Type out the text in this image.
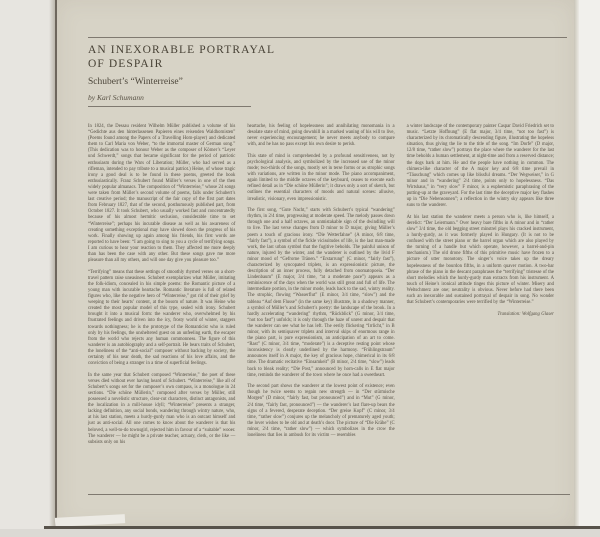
AN INEXORABLE PORTRAYAL
OF DESPAIR

Schubert’s “Winterreise”

by Karl Schumann

In 1824, the Dessau resident Wilhelm Müller published a volume of his “Gedichte aus den hinterlassenen Papieren eines reisenden Waldhornisten” (Poems found among the Papers of a Travelling Horn-player) and dedicated them to Carl Maria von Weber, “to the immortal master of German song.” (This dedication was to honour Weber as the composer of Körner’s “Leyer und Schwerdt,” songs that became significant for the period of patriotic enthusiasm during the Wars of Liberation; Müller, who had served as a rifleman, intended to pay tribute to a musical patriot.) Heine, of whose tragic irony a good deal is to be found in these poems, greeted the book enthusiastically. Franz Schubert found Müller’s verses in one of the then widely popular almanacs. The composition of “Winterreise,” whose 24 songs were taken from Müller’s second volume of poems, falls under Schubert’s last creative period; the manuscript of the fair copy of the first part dates from February 1827, that of the second, posthumously published part, from October 1827. It took Schubert, who usually worked fast and concentratedly because of his almost hermitic seclusion, considerable time to set “Winterreise”; perhaps his incurable disease as well as his awareness of creating something exceptional may have slowed down the progress of his work. Finally showing up again among his friends, his first words are reported to have been: “I am going to sing to you a cycle of terrifying songs. I am curious to hear your reaction to them. They affected me more deeply than has been the case with any other. But these songs gave me more pleasure than all my others, and will one day give you pleasure too.”

“Terrifying” means that these settings of smoothly rhymed verses on a short-travel pattern raise uneasiness. Schubert exemplarizes what Müller, imitating the folk-idiom, concealed in his simple poems: the Romantic picture of a young man with incurable heartache. Romantic literature is full of related figures who, like the negative hero of “Winterreise,” got rid of their grief by weeping to their hearts’ content, at the bosom of nature. It was Heine who created the most popular model of this type, sealed with irony. Schubert brought it into a musical form: the wanderer who, overwhelmed by his frustrated feelings and driven into the icy, frosty world of winter, staggers towards nothingness; he is the prototype of the Romanticist who is ruled only by his feelings, the unsheltered guest on an unfeeling earth, the escaper from the world who rejects any human commonness. The figure of this wanderer is an autobiography and a self-portrait. He bears traits of Schubert, the loneliness of the “anti-social” composer without backing by society, the certainty of his near death, the sad reactions of his love affairs, and the conviction of being a stranger in a time of superficial feelings.

In the same year that Schubert composed “Winterreise,” the poet of these verses died without ever having heard of Schubert. “Winterreise,” like all of Schubert’s songs set for the composer’s own compass, is a monologue in 24 sections. “Die schöne Müllerin,” composed after verses by Müller, still possessed a novelistic structure, clear-cut characters, distinct antagonists, and the localization in a mill-house idyll; “Winterreise” presents a stranger, lacking definition, any social bonds, wandering through wintry nature, who, at his last station, meets a hurdy-gurdy man who is an outcast himself and just as anti-social. All one comes to know about the wanderer is that his beloved, a well-to-do townsgirl, rejected him in favour of a “suitable” wooer. The wanderer — he might be a private teacher, actuary, clerk, or the like — subsists only on his

heartache, his feeling of hopelessness and annihilating monomania in a desolate state of mind, going downhill in a marked waning of his will to live, never experiencing encouragement; he never meets anybody to compare with, and he has no pass except his own desire to perish.

This state of mind is comprehended by a profound sensitiveness, not by psychological analysis, and symbolized by the increased use of the minor mode; two-thirds of the songs, mostly set in terse forms or as strophic songs with variations, are written in the minor mode. The piano accompaniment, again limited to the middle octaves of the keyboard, ceases to execute each refined detail as in “Die schöne Müllerin”; it draws only a sort of sketch, but outlines the essential characters of moods and natural scenes: allusive, irrealistic, visionary, even impressionistic.

The first song, “Gute Nacht,” starts with Schubert’s typical “wandering” rhythm, in 2/4 time, progressing at moderate speed. The melody passes down through one and a half octaves, an unmistakable sign of the dwindling will to live. The last verse changes from D minor to D major, giving Müller’s poem a touch of gracious irony. “Die Wetterfahne” (A minor, 6/8 time, “fairly fast”), a symbol of the fickle vicissitudes of life, is the last man-made work, the last urban symbol that the fugitive beholds. The painful unison of nature, injured by the winter, and the wanderer is outlined by the livid F minor mood of “Gefrorne Tränen.” “Erstarrung” (C minor, “fairly fast”), characterized by syncopated triplets, is an expressionistic picture, the description of an inner process, fully detached from onomatopoeia. “Der Lindenbaum” (E major, 3/4 time, “at a moderate pace”) appears as a reminiscence of the days when the world was still great and full of life. The intermediate portion, in the minor mode, leads back to the sad, wintry reality. The strophic, flowing “Wasserflut” (E minor, 3/4 time, “slow”) and the tableau “Auf dem Flusse” (in the same key) illustrate, in a shadowy manner, a symbol of Müller’s and Schubert’s poetry: the landscape of the brook. In a hardly accelerating “wandering” rhythm, “Rückblick” (G minor, 3/4 time, “not too fast”) unfolds; it is only through the haze of unrest and despair that the wanderer can see what he has left. The eerily flickering “Irrlicht,” in B minor, with its semiquaver triplets and interval skips of enormous range in the piano part, is pure expressionism, an anticipation of an art to come. “Rast” (C minor, 3/4 time, “moderate”) is a deceptive resting point whose inconsistency is clearly underlined by the harmony. “Frühlingstraum” announces itself in A major, the key of gracious hope, chimerical in its 6/8 time. The dramatic recitative “Einsamkeit” (B minor, 2/4 time, “slow”) leads back to bleak reality; “Die Post,” announced by horn-calls in E flat major time, reminds the wanderer of the town where he once had a sweetheart.

The second part shows the wanderer at the lowest point of existence; even though he twice seems to regain new strength — in “Der stürmische Morgen” (D minor, “fairly fast, but pronounced”) and in “Mut” (G minor, 2/4 time, “fairly fast, pronounced”) — the wanderer’s last flare-up bears the signs of a fevered, desperate deception. “Der greise Kopf” (C minor, 3/4 time, “rather slow”) conjures up the melancholy of prematurely aged youth; the lover wishes to be old and at death’s door. The picture of “Die Krähe” (C minor, 2/4 time, “rather slow”) — which symbolizes in the crow the loneliness that lies in ambush for its victim — resembles

a winter landscape of the contemporary painter Caspar David Friedrich set to music. “Letzte Hoffnung” (E flat major, 3/4 time, “not too fast”) is characterized by its chromatically descending figure, illustrating the hopeless situation, thus giving the lie to the title of the song. “Im Dorfe” (D major, 12/8 time, “rather slow”) portrays the place where the wanderer for the last time beholds a human settlement, at night-time and from a reserved distance; the dogs bark at him. He and the people have nothing in common. The chimera-like character of the A major key and 6/8 time prevail in “Täuschung” which comes up like blissful dreams. “Der Wegweiser,” in G minor and in “wandering” 2/4 time, points only to hopelessness. “Das Wirtshaus,” in “very slow” F minor, is a euphemistic paraphrasing of the putting-up at the graveyard. For the last time the deceptive major key flashes up in “Die Nebensonnen”; a reflection in the wintry sky appears like three suns to the wanderer.

At his last station the wanderer meets a person who is, like himself, a derelict: “Der Leiermann.” Over heavy bare fifths in A minor and in “rather slow” 3/4 time, the old begging street minstrel plays his cracked instrument, a hurdy-gurdy, as it was formerly played in Hungary. (It is not to be confused with the street piano or the barrel organ which are also played by the turning of a handle but which operate, however, a barrel-and-pin mechanism.) The old drone fifths of this primitive music have frozen to a picture of utter monotony. The singer’s voice takes up the dreary hopelessness of the bourdon fifths, in a uniform quaver motion. A two-bar phrase of the piano in the descant paraphrases the “terrifying” tristesse of the short melodies which the hurdy-gurdy man extracts from his instrument. A touch of Heine’s ironical attitude tinges this picture of winter. Misery and Weltschmerz are one; neutrality is obvious. Never before had there been such an inexorable and sustained portrayal of despair in song. No wonder that Schubert’s contemporaries were terrified by the “Winterreise.”

Translation: Wolfgang Glaser
